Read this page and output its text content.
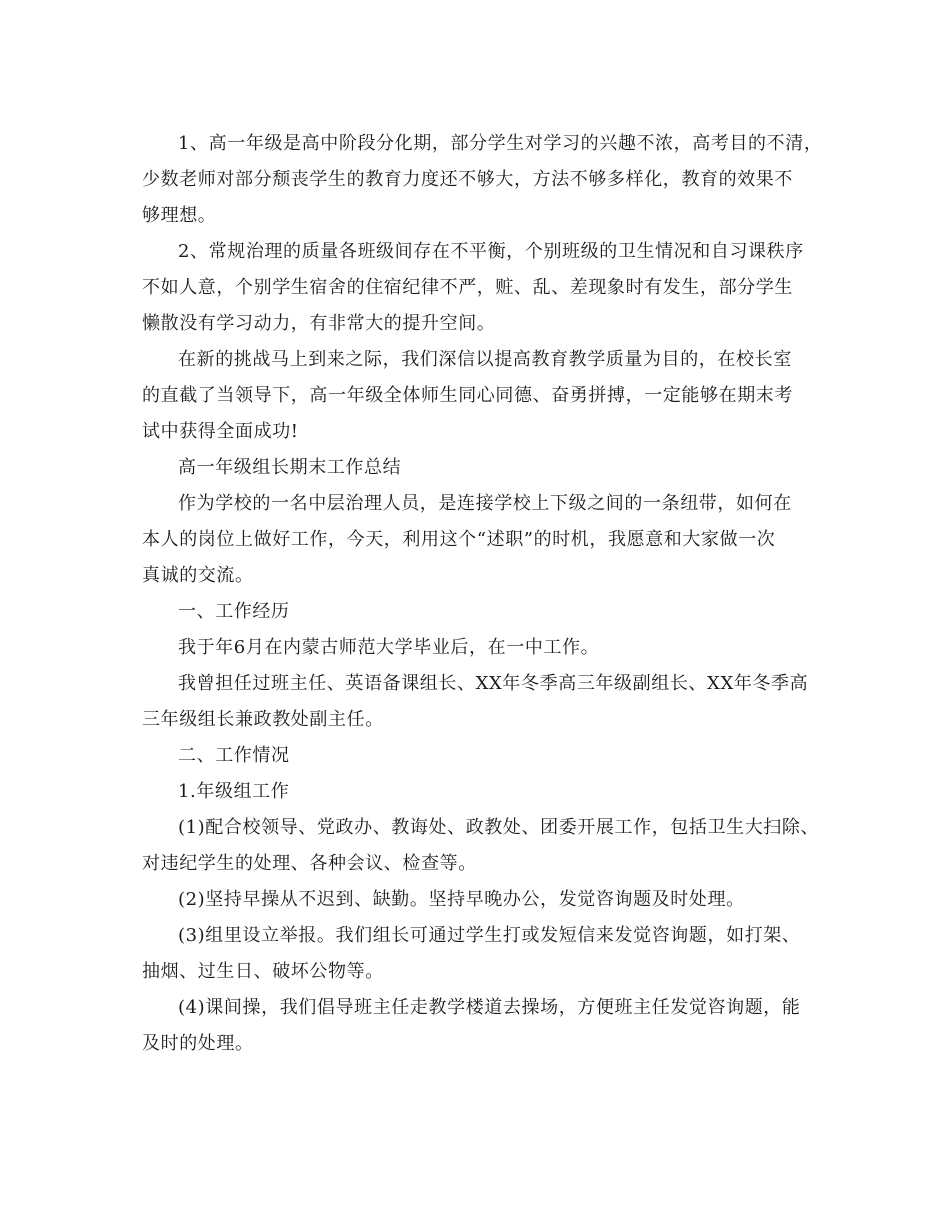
1、高一年级是高中阶段分化期，部分学生对学习的兴趣不浓，高考目的不清，
少数老师对部分颓丧学生的教育力度还不够大，方法不够多样化，教育的效果不
够理想。

2、常规治理的质量各班级间存在不平衡，个别班级的卫生情况和自习课秩序
不如人意，个别学生宿舍的住宿纪律不严，赃、乱、差现象时有发生，部分学生
懒散没有学习动力，有非常大的提升空间。

在新的挑战马上到来之际，我们深信以提高教育教学质量为目的，在校长室
的直截了当领导下，高一年级全体师生同心同德、奋勇拼搏，一定能够在期末考
试中获得全面成功!

高一年级组长期末工作总结

作为学校的一名中层治理人员，是连接学校上下级之间的一条纽带，如何在
本人的岗位上做好工作，今天，利用这个“述职”的时机，我愿意和大家做一次
真诚的交流。

一、工作经历

我于年6月在内蒙古师范大学毕业后，在一中工作。

我曾担任过班主任、英语备课组长、XX年冬季高三年级副组长、XX年冬季高
三年级组长兼政教处副主任。

二、工作情况

1.年级组工作

(1)配合校领导、党政办、教诲处、政教处、团委开展工作，包括卫生大扫除、
对违纪学生的处理、各种会议、检查等。

(2)坚持早操从不迟到、缺勤。坚持早晚办公，发觉咨询题及时处理。

(3)组里设立举报。我们组长可通过学生打或发短信来发觉咨询题，如打架、
抽烟、过生日、破坏公物等。

(4)课间操，我们倡导班主任走教学楼道去操场，方便班主任发觉咨询题，能
及时的处理。
